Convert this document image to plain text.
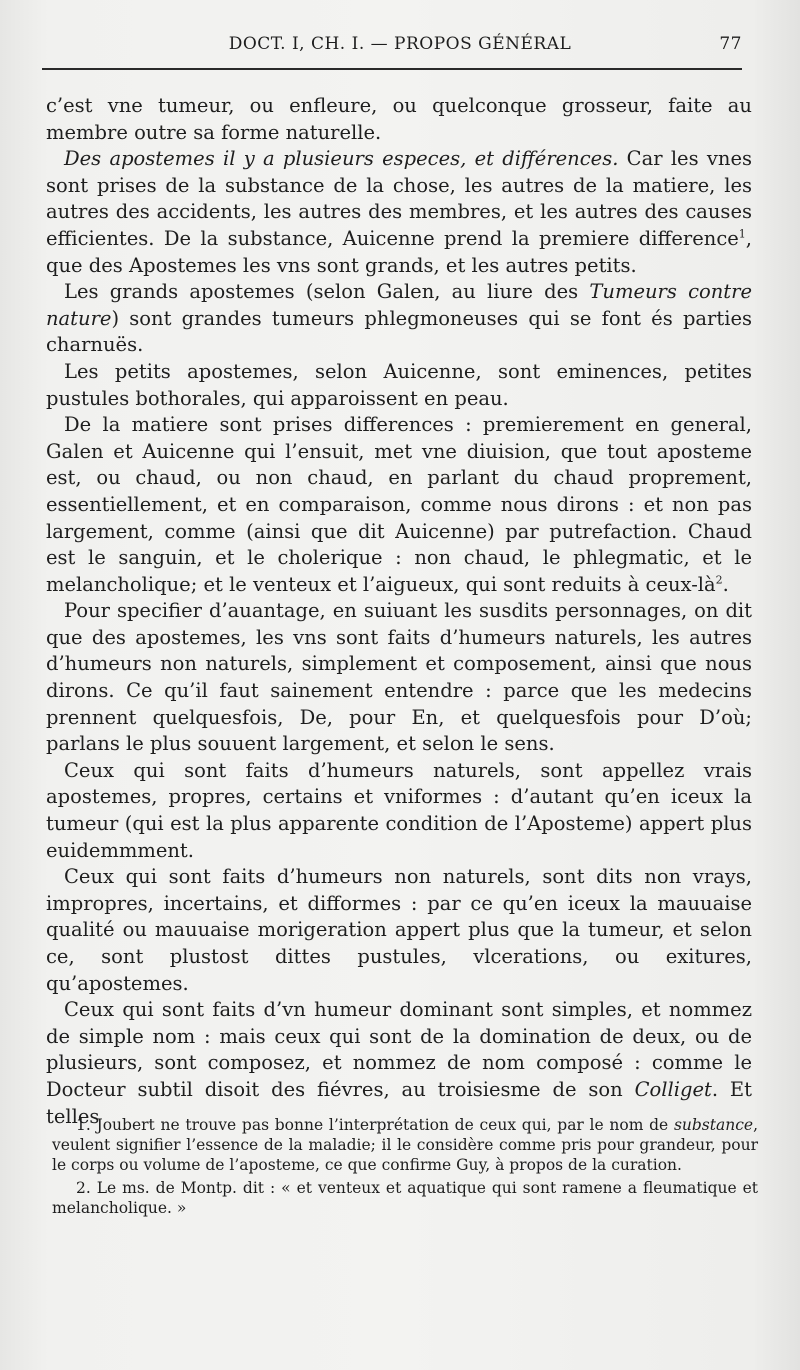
DOCT. I, CH. I. — PROPOS GÉNÉRAL	77

c’est vne tumeur, ou enfleure, ou quelconque grosseur, faite au membre outre sa forme naturelle.

Des apostemes il y a plusieurs especes, et différences. Car les vnes sont prises de la substance de la chose, les autres de la matiere, les autres des accidents, les autres des membres, et les autres des causes efficientes. De la substance, Auicenne prend la premiere difference$^1$, que des Apostemes les vns sont grands, et les autres petits.

Les grands apostemes (selon Galen, au liure des Tumeurs contre nature) sont grandes tumeurs phlegmoneuses qui se font és parties charnuës.

Les petits apostemes, selon Auicenne, sont eminences, petites pustules bothorales, qui apparoissent en peau.

De la matiere sont prises differences : premierement en general, Galen et Auicenne qui l’ensuit, met vne diuision, que tout aposteme est, ou chaud, ou non chaud, en parlant du chaud proprement, essentiellement, et en comparaison, comme nous dirons : et non pas largement, comme (ainsi que dit Auicenne) par putrefaction. Chaud est le sanguin, et le cholerique : non chaud, le phlegmatic, et le melancholique; et le venteux et l’aigueux, qui sont reduits à ceux-$là^2$.

Pour specifier d’auantage, en suiuant les susdits personnages, on dit que des apostemes, les vns sont faits d’humeurs naturels, les autres d’humeurs non naturels, simplement et composement, ainsi que nous dirons. Ce qu’il faut sainement entendre : parce que les medecins prennent quelquesfois, De, pour En, et quelquesfois pour D’où; parlans le plus souuent largement, et selon le sens.

Ceux qui sont faits d’humeurs naturels, sont appellez vrais apostemes, propres, certains et vniformes : d’autant qu’en iceux la tumeur (qui est la plus apparente condition de l’Aposteme) appert plus euidemmment.

Ceux qui sont faits d’humeurs non naturels, sont dits non vrays, impropres, incertains, et difformes : par ce qu’en iceux la mauuaise qualité ou mauuaise morigeration appert plus que la tumeur, et selon ce, sont plustost dittes pustules, vlcerations, ou exitures, qu’apostemes.

Ceux qui sont faits d’vn humeur dominant sont simples, et nommez de simple nom : mais ceux qui sont de la domination de deux, ou de plusieurs, sont composez, et nommez de nom composé : comme le Docteur subtil disoit des fiévres, au troisiesme de son Colliget. Et telles

1. Joubert ne trouve pas bonne l’interprétation de ceux qui, par le nom de substance, veulent signifier l’essence de la maladie; il le considère comme pris pour grandeur, pour le corps ou volume de l’aposteme, ce que confirme Guy, à propos de la curation.

2. Le ms. de Montp. dit : « et venteux et aquatique qui sont ramene a fleumatique et melancholique. »
